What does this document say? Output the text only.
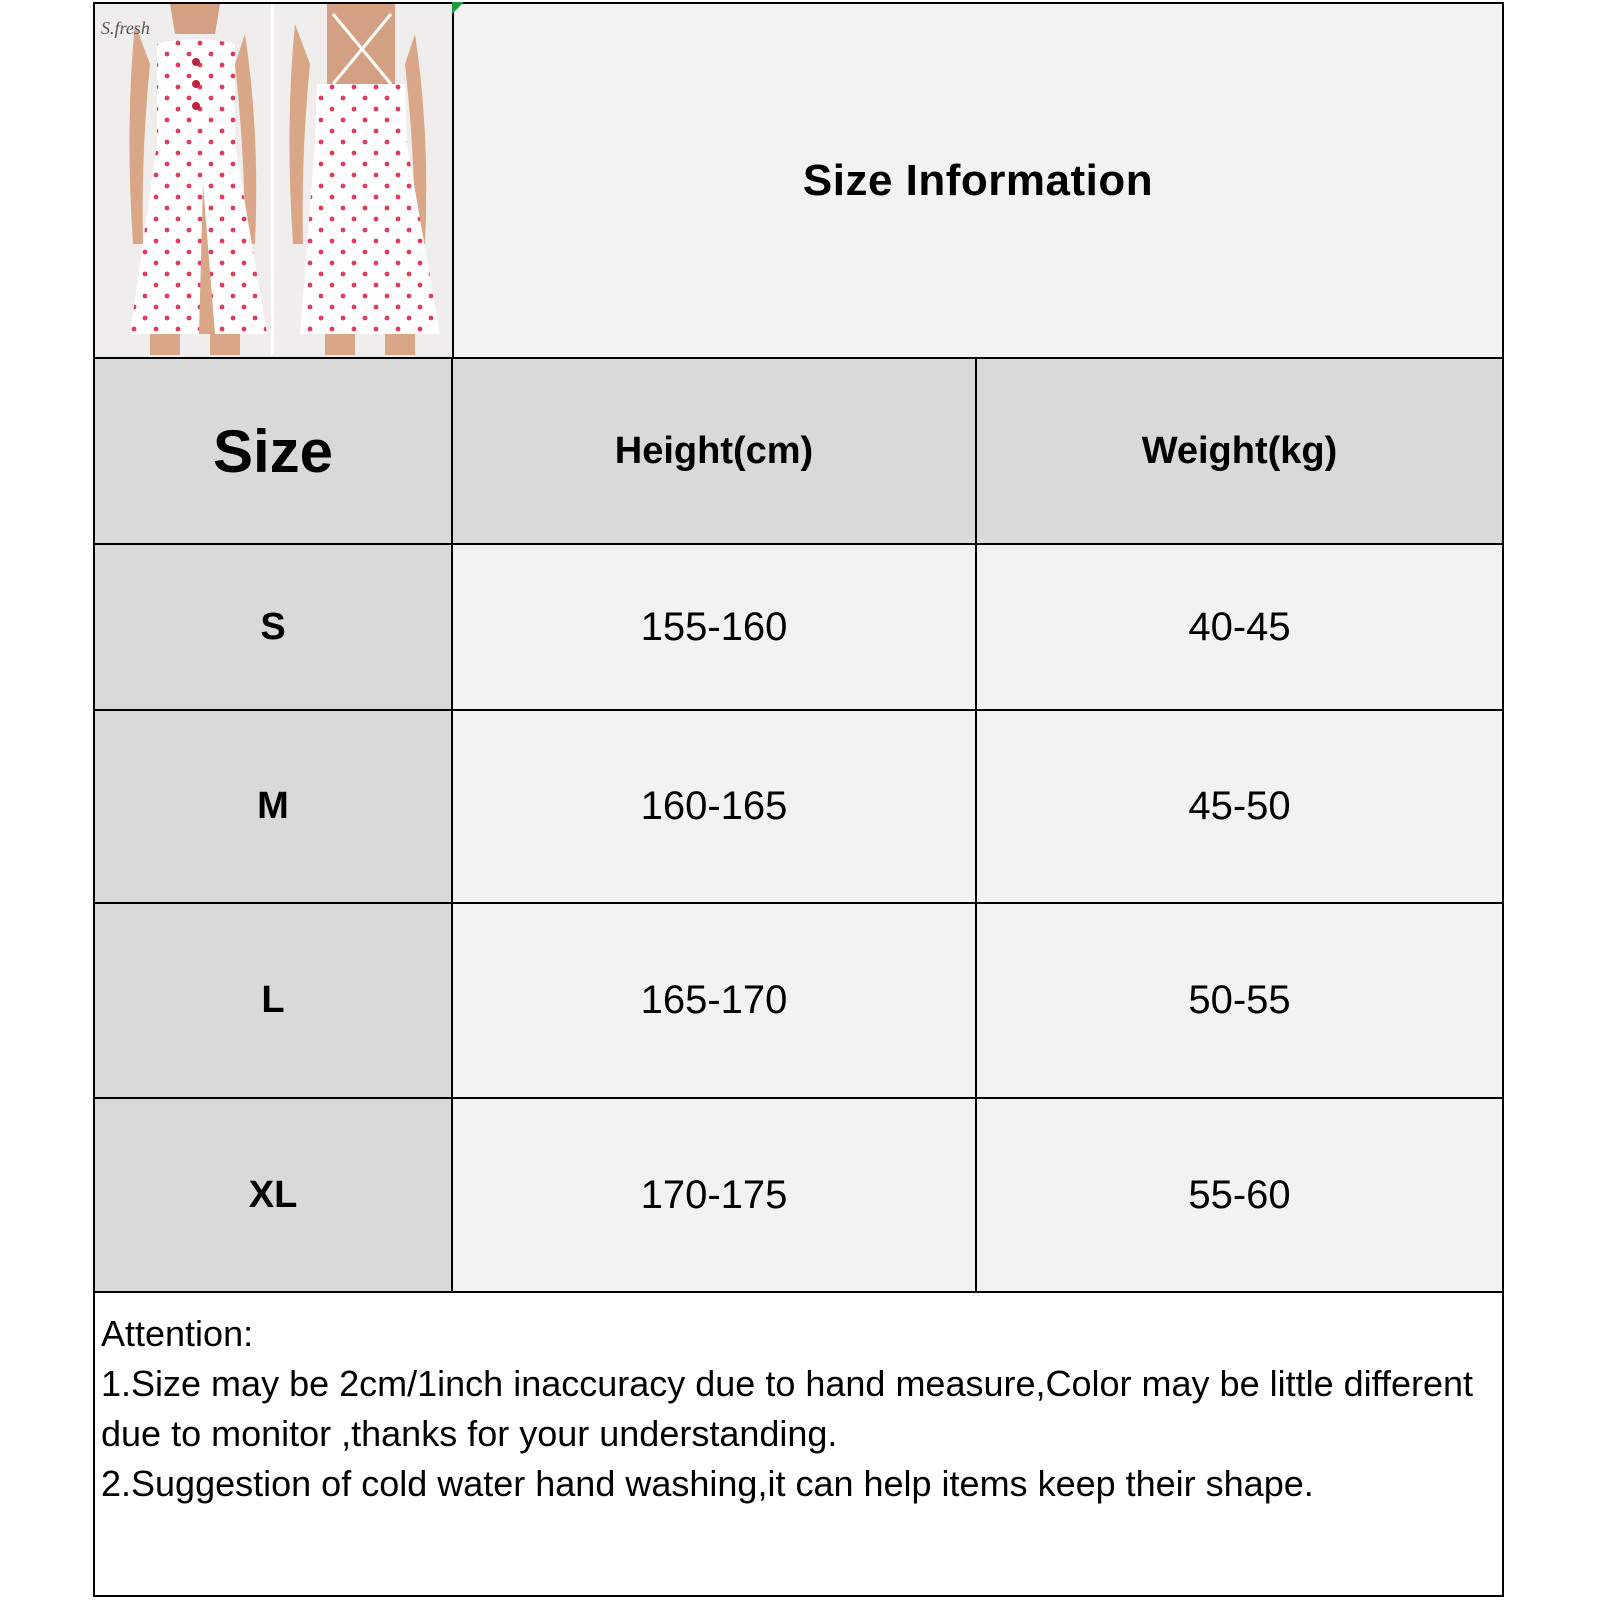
S.fresh
Size Information
Size	Height(cm)	Weight(kg)
S	155-160	40-45
M	160-165	45-50
L	165-170	50-55
XL	170-175	55-60
Attention:
1.Size may be 2cm/1inch inaccuracy due to hand measure,Color may be little different due to monitor ,thanks for your understanding.
2.Suggestion of cold water hand washing,it can help items keep their shape.
